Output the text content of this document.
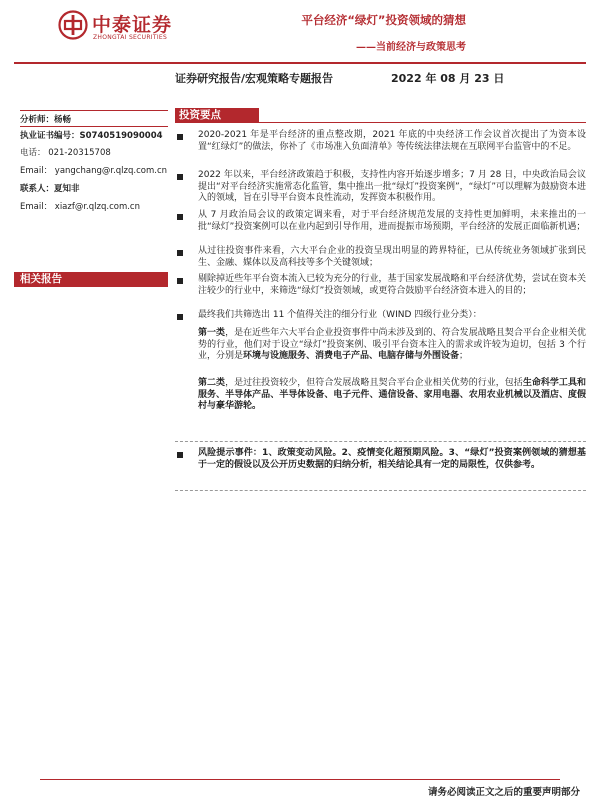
中泰证券
ZHONGTAI SECURITIES
平台经济“绿灯”投资领域的猜想
——当前经济与政策思考
证券研究报告/宏观策略专题报告	2022 年 08 月 23 日
分析师：杨畅
执业证书编号：S0740519090004
电话： 021-20315708
Email： yangchang@r.qlzq.com.cn
联系人：夏知非
Email： xiazf@r.qlzq.com.cn
相关报告
投资要点
2020-2021 年是平台经济的重点整改期，2021 年底的中央经济工作会议首次提出了为资本设置“红绿灯”的做法，你补了《市场准入负面清单》等传统法律法规在互联网平台监管中的不足。
2022 年以来，平台经济政策趋于积极，支持性内容开始逐步增多；7 月 28 日，中央政治局会议提出“对平台经济实施常态化监管，集中推出一批“绿灯”投资案例”，“绿灯”可以理解为鼓励资本进入的领域，旨在引导平台资本良性流动，发挥资本积极作用。
从 7 月政治局会议的政策定调来看，对于平台经济规范发展的支持性更加鲜明，未来推出的一批“绿灯”投资案例可以在业内起到引导作用，进而提振市场预期，平台经济的发展正面临新机遇；
从过往投资事件来看，六大平台企业的投资呈现出明显的跨界特征，已从传统业务领域扩张到民生、金融、媒体以及高科技等多个关键领域；
剔除掉近些年平台资本流入已较为充分的行业，基于国家发展战略和平台经济优势，尝试在资本关注较少的行业中，来筛选“绿灯”投资领域，或更符合鼓励平台经济资本进入的目的；
最终我们共筛选出 11 个值得关注的细分行业（WIND 四级行业分类）：
第一类，是在近些年六大平台企业投资事件中尚未涉及到的、符合发展战略且契合平台企业相关优势的行业，他们对于设立“绿灯”投资案例、吸引平台资本注入的需求或许较为迫切，包括 3 个行业，分别是环境与设施服务、消费电子产品、电脑存储与外围设备；
第二类，是过往投资较少，但符合发展战略且契合平台企业相关优势的行业，包括生命科学工具和服务、半导体产品、半导体设备、电子元件、通信设备、家用电器、农用农业机械以及酒店、度假村与豪华游轮。
风险提示事件：1、政策变动风险。2、疫情变化超预期风险。3、“绿灯”投资案例领域的猜想基于一定的假设以及公开历史数据的归纳分析，相关结论具有一定的局限性，仅供参考。
请务必阅读正文之后的重要声明部分
